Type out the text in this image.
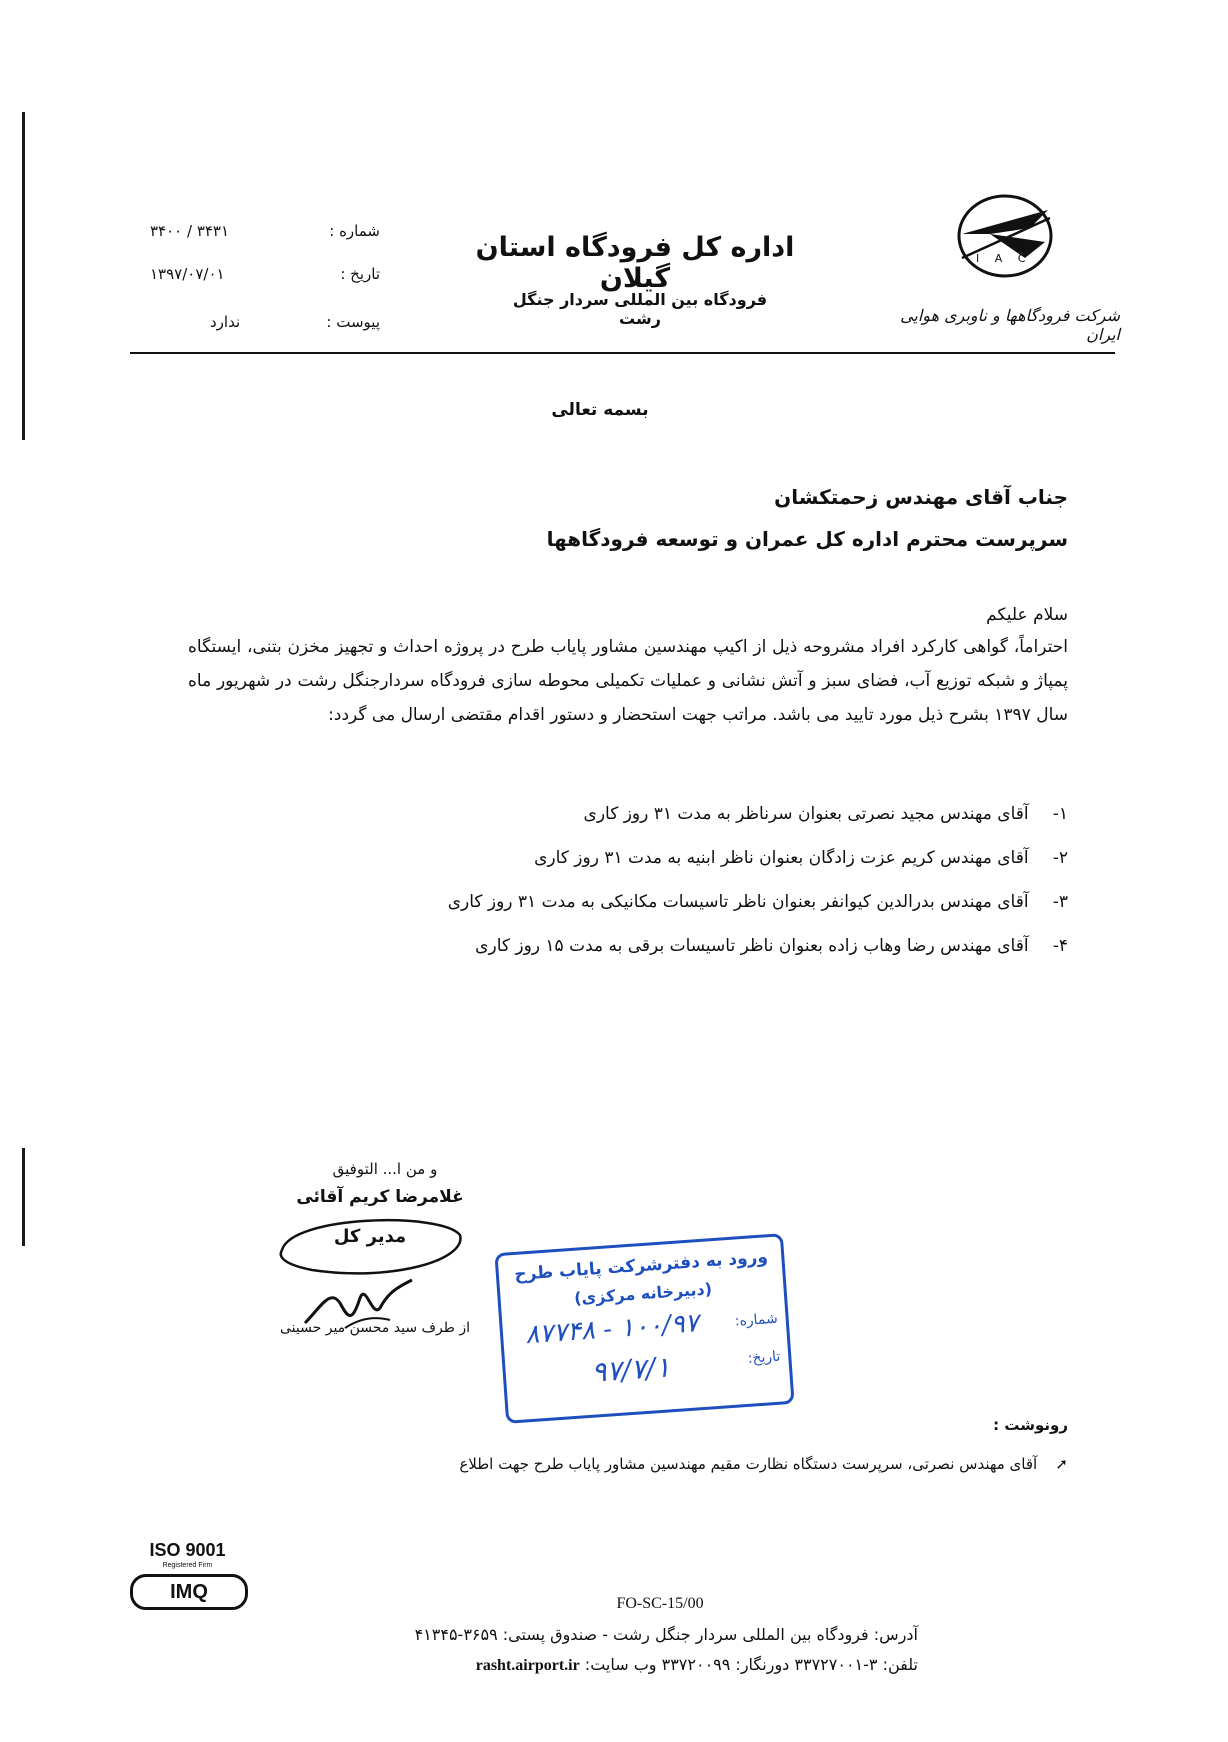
شماره :
۳۴۰۰ / ۳۴۳۱
تاریخ :
۱۳۹۷/۰۷/۰۱
پیوست :
ندارد
اداره کل فرودگاه استان گیلان
فرودگاه بین المللی سردار جنگل رشت
I A C
شرکت فرودگاهها و ناوبری هوایی ایران
بسمه تعالی
جناب آقای مهندس زحمتکشان
سرپرست محترم اداره کل عمران و توسعه فرودگاهها
سلام علیکم
احتراماً، گواهی کارکرد افراد مشروحه ذیل از اکیپ مهندسین مشاور پایاب طرح در پروژه احداث و تجهیز مخزن بتنی، ایستگاه پمپاژ و شبکه توزیع آب، فضای سبز و آتش نشانی و عملیات تکمیلی محوطه سازی فرودگاه سردارجنگل رشت در شهریور ماه سال ۱۳۹۷ بشرح ذیل مورد تایید می باشد. مراتب جهت استحضار و دستور اقدام مقتضی ارسال می گردد:
۱- آقای مهندس مجید نصرتی بعنوان سرناظر به مدت ۳۱ روز کاری
۲- آقای مهندس کریم عزت زادگان بعنوان ناظر ابنیه به مدت ۳۱ روز کاری
۳- آقای مهندس بدرالدین کیوانفر بعنوان ناظر تاسیسات مکانیکی به مدت ۳۱ روز کاری
۴- آقای مهندس رضا وهاب زاده بعنوان ناظر تاسیسات برقی به مدت ۱۵ روز کاری
و من ا... التوفیق
غلامرضا کریم آقائی
مدیر کل
از طرف سید محسن میر حسینی
ورود به دفترشرکت پایاب طرح
(دبیرخانه مرکزی)
شماره:
۱۰۰/۹۷ - ۸۷۷۴۸
تاریخ:
۹۷/۷/۱
رونوشت :
➚ آقای مهندس نصرتی، سرپرست دستگاه نظارت مقیم مهندسین مشاور پایاب طرح جهت اطلاع
ISO 9001
Registered Firm
IMQ
FO-SC-15/00
آدرس: فرودگاه بین المللی سردار جنگل رشت - صندوق پستی: ۳۶۵۹-۴۱۳۴۵
تلفن: ۳-۳۳۷۲۷۰۰۱ دورنگار: ۳۳۷۲۰۰۹۹ وب سایت: rasht.airport.ir
